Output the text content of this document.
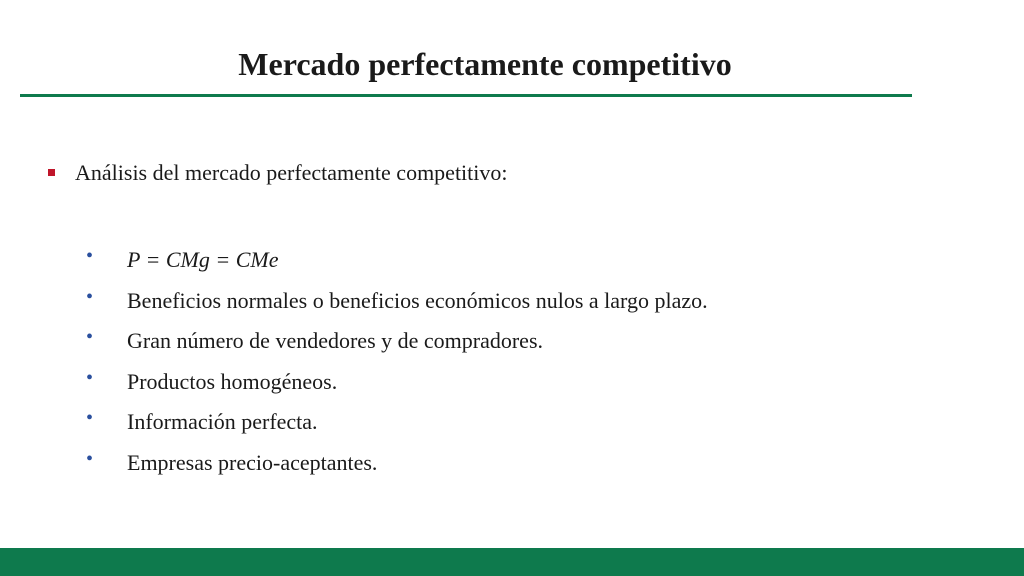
Mercado perfectamente competitivo
Análisis del mercado perfectamente competitivo:
•	P = CMg = CMe
•	Beneficios normales o beneficios económicos nulos a largo plazo.
•	Gran número de vendedores y de compradores.
•	Productos homogéneos.
•	Información perfecta.
•	Empresas precio-aceptantes.
